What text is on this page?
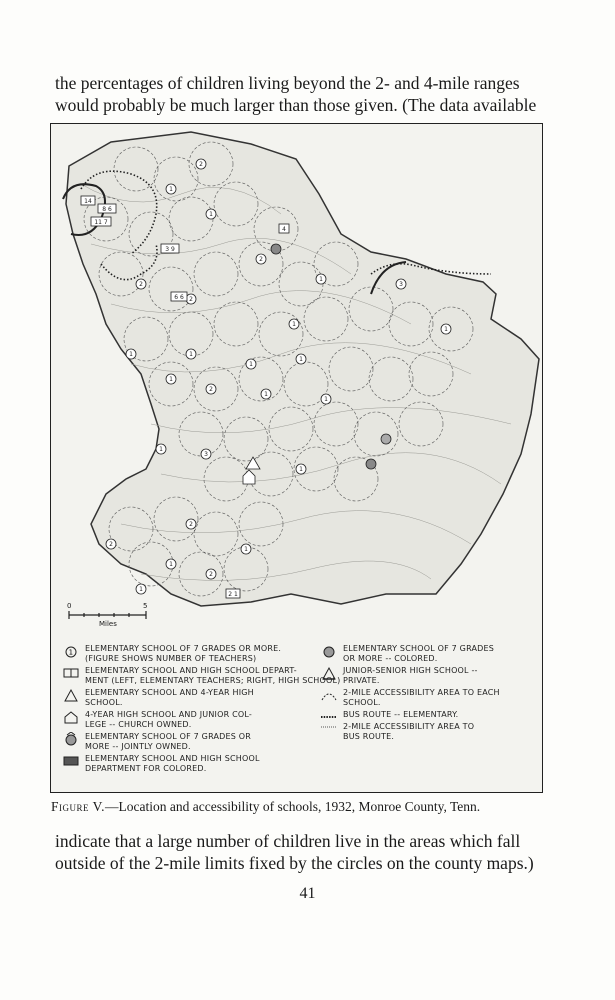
the percentages of children living beyond the 2- and 4-mile ranges
would probably be much larger than those given. (The data available

2
1
1
2
1
2
2
3
1
1
1	1
1
1
1
2
1
1
3
1
1
2
2
1
2
1
1
14
8 6
11 7
3 9
6 6
2 1
4
0	5
Miles
1 ELEMENTARY SCHOOL OF 7 GRADES OR MORE.
(FIGURE SHOWS NUMBER OF TEACHERS)
ELEMENTARY SCHOOL AND HIGH SCHOOL DEPART-
MENT (LEFT, ELEMENTARY TEACHERS; RIGHT, HIGH SCHOOL)
ELEMENTARY SCHOOL AND 4-YEAR HIGH
SCHOOL.
4-YEAR HIGH SCHOOL AND JUNIOR COL-
LEGE -- CHURCH OWNED.
ELEMENTARY SCHOOL OF 7 GRADES OR
MORE -- JOINTLY OWNED.
ELEMENTARY SCHOOL AND HIGH SCHOOL
DEPARTMENT FOR COLORED.
ELEMENTARY SCHOOL OF 7 GRADES
OR MORE -- COLORED.
JUNIOR-SENIOR HIGH SCHOOL --
PRIVATE.
2-MILE ACCESSIBILITY AREA TO EACH
SCHOOL.
BUS ROUTE -- ELEMENTARY.
2-MILE ACCESSIBILITY AREA TO
BUS ROUTE.
Figure V.—Location and accessibility of schools, 1932, Monroe County, Tenn.

indicate that a large number of children live in the areas which fall
outside of the 2-mile limits fixed by the circles on the county maps.)

41
